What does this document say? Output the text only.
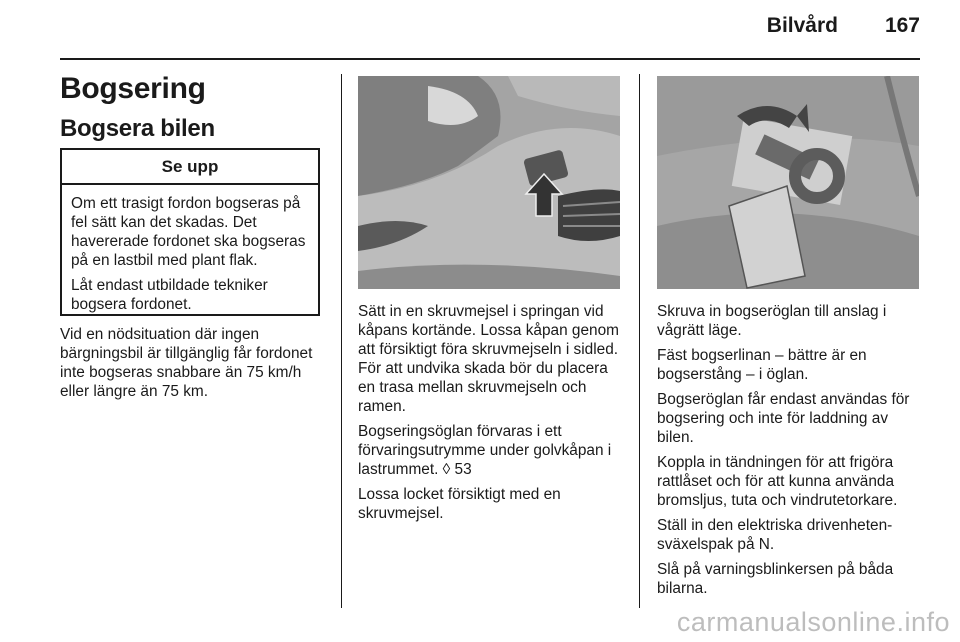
Bilvård 167
Bogsering
Bogsera bilen
Se upp

Om ett trasigt fordon bogseras på fel sätt kan det skadas. Det havererade fordonet ska bogseras på en lastbil med plant flak.

Låt endast utbildade tekniker bogsera fordonet.

Vid en nödsituation där ingen bärgningsbil är tillgänglig får fordonet inte bogseras snabbare än 75 km/h eller längre än 75 km.

Sätt in en skruvmejsel i springan vid kåpans kortände. Lossa kåpan genom att försiktigt föra skruvmejseln i sidled. För att undvika skada bör du placera en trasa mellan skruvmejseln och ramen.

Bogseringsöglan förvaras i ett förvaringsutrymme under golvkåpan i lastrummet. ◊ 53

Lossa locket försiktigt med en skruvmejsel.

Skruva in bogseröglan till anslag i vågrätt läge.

Fäst bogserlinan – bättre är en bogserstång – i öglan.

Bogseröglan får endast användas för bogsering och inte för laddning av bilen.

Koppla in tändningen för att frigöra rattlåset och för att kunna använda bromsljus, tuta och vindrutetorkare.

Ställ in den elektriska drivenhetensväxelspak på N.

Slå på varningsblinkersen på båda bilarna.

carmanualsonline.info
